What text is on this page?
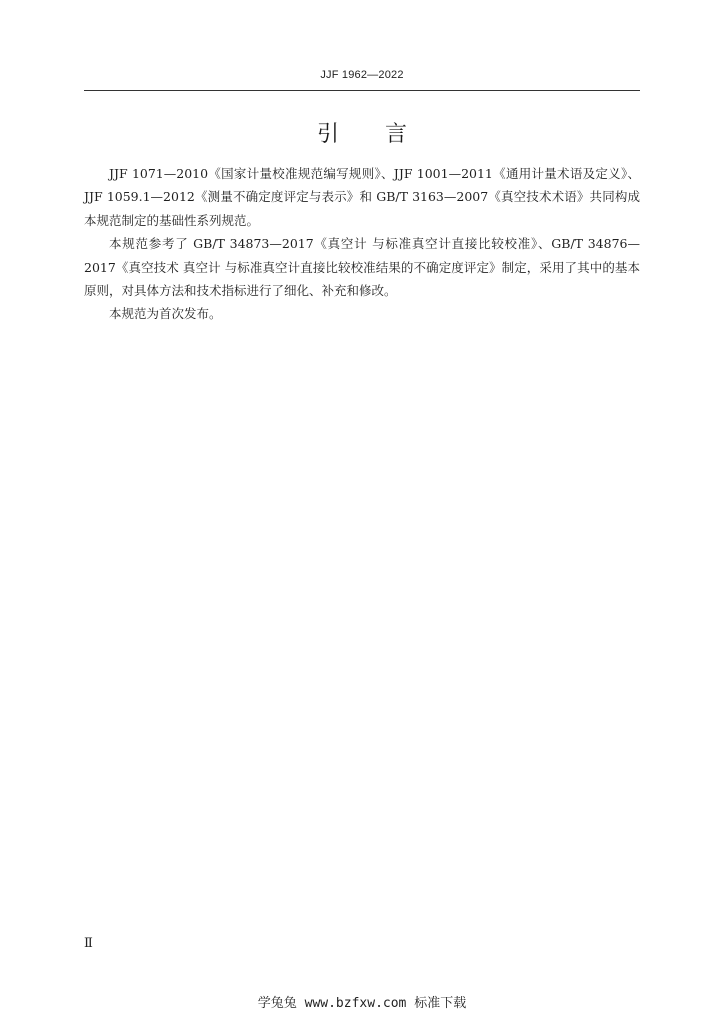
JJF 1962—2022
引言

JJF 1071—2010《国家计量校准规范编写规则》、JJF 1001—2011《通用计量术语及定义》、JJF 1059.1—2012《测量不确定度评定与表示》和 GB/T 3163—2007《真空技术术语》共同构成本规范制定的基础性系列规范。

本规范参考了 GB/T 34873—2017《真空计 与标准真空计直接比较校准》、GB/T 34876—2017《真空技术 真空计 与标准真空计直接比较校准结果的不确定度评定》制定，采用了其中的基本原则，对具体方法和技术指标进行了细化、补充和修改。

本规范为首次发布。

Ⅱ
学兔兔 www.bzfxw.com 标准下载
